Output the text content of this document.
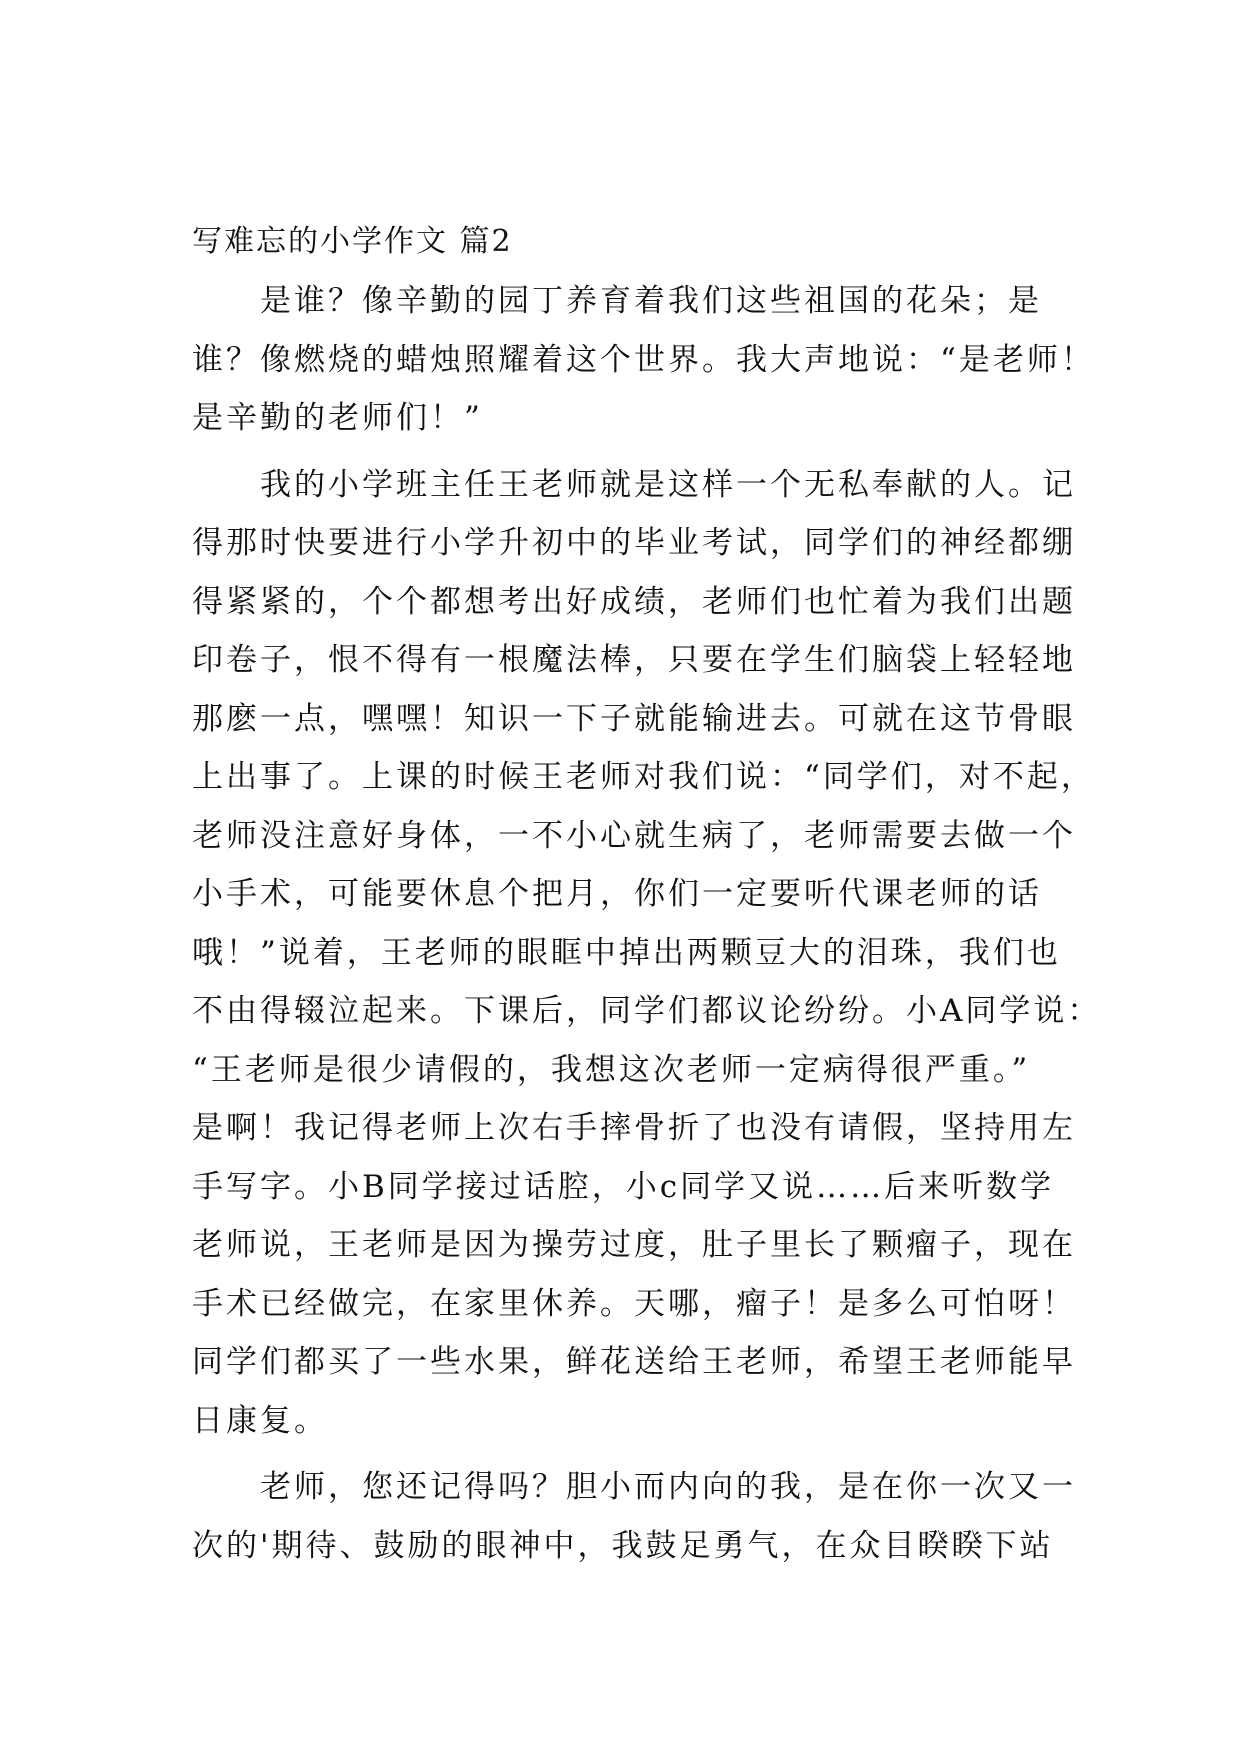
写难忘的小学作文 篇2
是谁？像辛勤的园丁养育着我们这些祖国的花朵；是
谁？像燃烧的蜡烛照耀着这个世界。我大声地说：“是老师！
是辛勤的老师们！”
我的小学班主任王老师就是这样一个无私奉献的人。记
得那时快要进行小学升初中的毕业考试，同学们的神经都绷
得紧紧的，个个都想考出好成绩，老师们也忙着为我们出题
印卷子，恨不得有一根魔法棒，只要在学生们脑袋上轻轻地
那麽一点，嘿嘿！知识一下子就能输进去。可就在这节骨眼
上出事了。上课的时候王老师对我们说：“同学们，对不起，
老师没注意好身体，一不小心就生病了，老师需要去做一个
小手术，可能要休息个把月，你们一定要听代课老师的话
哦！”说着，王老师的眼眶中掉出两颗豆大的泪珠，我们也
不由得辍泣起来。下课后，同学们都议论纷纷。小A同学说：
“王老师是很少请假的，我想这次老师一定病得很严重。”
是啊！我记得老师上次右手摔骨折了也没有请假，坚持用左
手写字。小B同学接过话腔，小c同学又说……后来听数学
老师说，王老师是因为操劳过度，肚子里长了颗瘤子，现在
手术已经做完，在家里休养。天哪，瘤子！是多么可怕呀！
同学们都买了一些水果，鲜花送给王老师，希望王老师能早
日康复。
老师，您还记得吗？胆小而内向的我，是在你一次又一
次的'期待、鼓励的眼神中，我鼓足勇气，在众目睽睽下站
